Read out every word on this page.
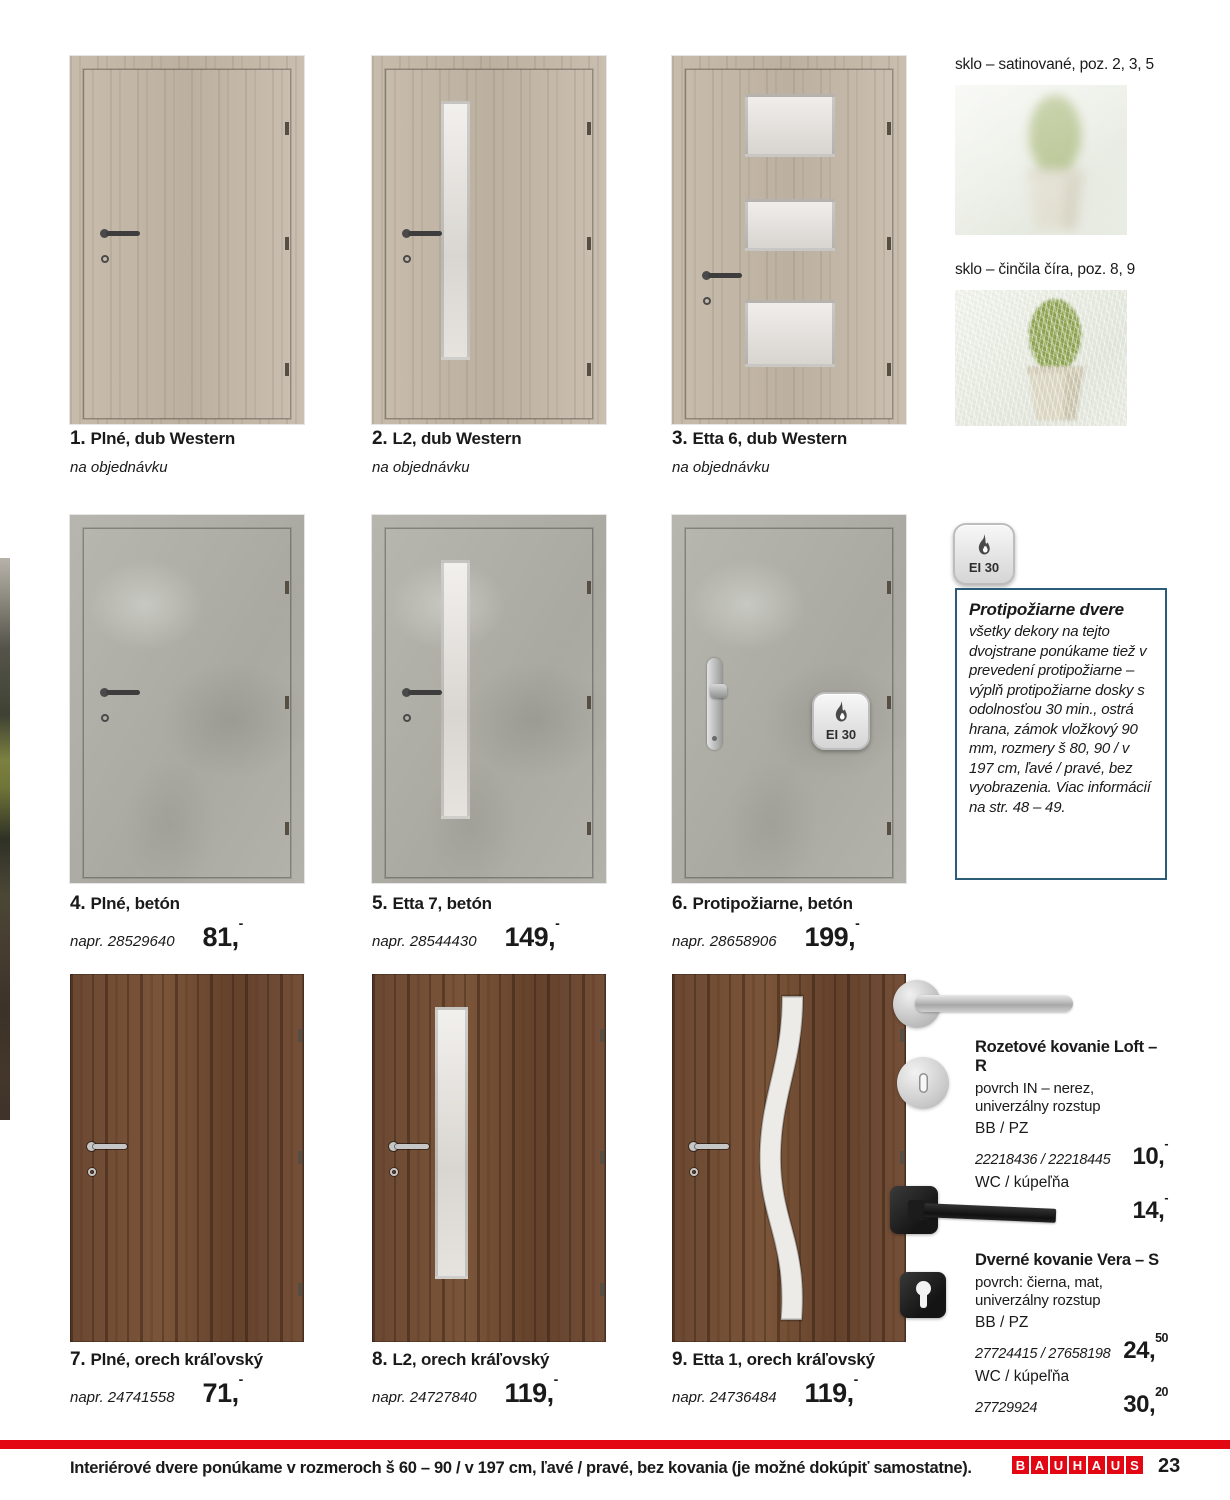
1. Plné, dub Western
na objednávku
2. L2, dub Western
na objednávku
3. Etta 6, dub Western
na objednávku
4. Plné, betón
napr. 28529640 81,-
5. Etta 7, betón
napr. 28544430 149,-
6. Protipožiarne, betón
napr. 28658906 199,-
7. Plné, orech kráľovský
napr. 24741558 71,-
8. L2, orech kráľovský
napr. 24727840 119,-
9. Etta 1, orech kráľovský
napr. 24736484 119,-
sklo – satinované, poz. 2, 3, 5
sklo – činčila číra, poz. 8, 9
EI 30
EI 30
Protipožiarne dvere
všetky dekory na tejto dvojstrane ponúkame tiež v prevedení protipožiarne – výplň protipožiarne dosky s odolnosťou 30 min., ostrá hrana, zámok vložkový 90 mm, rozmery š 80, 90 / v 197 cm, ľavé / pravé, bez vyobrazenia. Viac informácií na str. 48 – 49.
Rozetové kovanie Loft – R
povrch IN – nerez, univerzálny rozstup
BB / PZ
22218436 / 22218445 10,-
WC / kúpeľňa
14,-
Dverné kovanie Vera – S
povrch: čierna, mat, univerzálny rozstup
BB / PZ
27724415 / 27658198 24,50
WC / kúpeľňa
27729924	30,20
Interiérové dvere ponúkame v rozmeroch š 60 – 90 / v 197 cm, ľavé / pravé, bez kovania (je možné dokúpiť samostatne).	B A U H A U S 23
